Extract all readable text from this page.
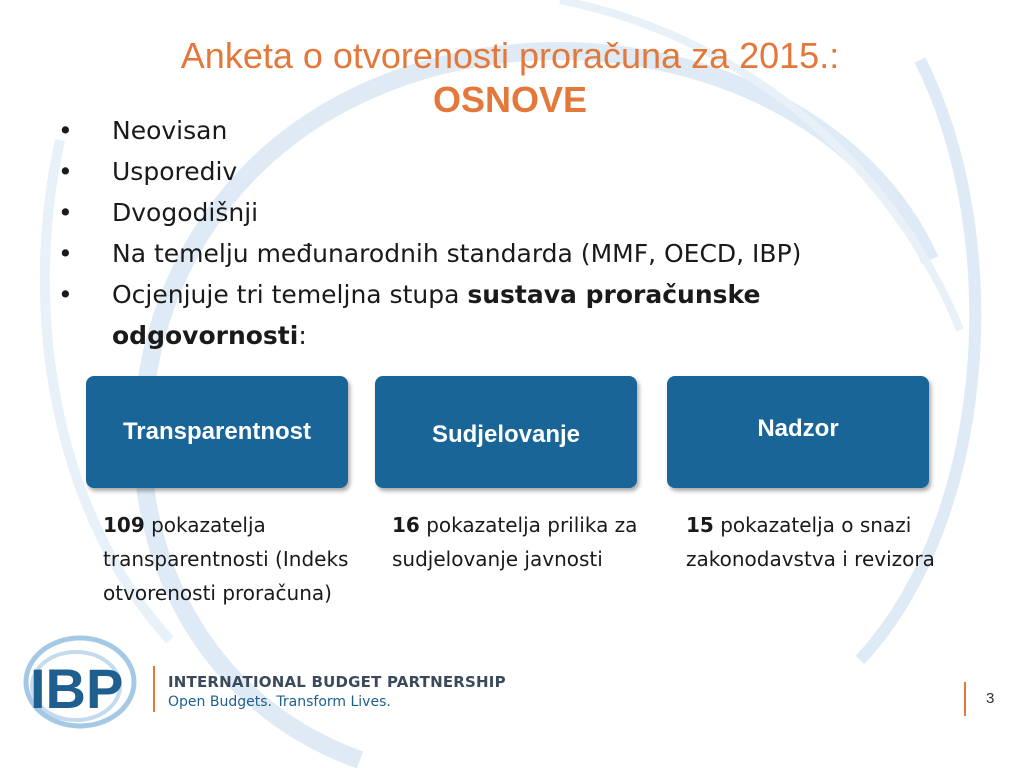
Anketa o otvorenosti proračuna za 2015.:
OSNOVE
• Neovisan
• Usporediv
• Dvogodišnji
• Na temelju međunarodnih standarda (MMF, OECD, IBP)
• Ocjenjuje tri temeljna stupa sustava proračunske odgovornosti:
Transparentnost	Sudjelovanje	Nadzor
109 pokazatelja transparentnosti (Indeks otvorenosti proračuna)
16 pokazatelja prilika za sudjelovanje javnosti
15 pokazatelja o snazi zakonodavstva i revizora
IBP	INTERNATIONAL BUDGET PARTNERSHIP
Open Budgets. Transform Lives.	3
